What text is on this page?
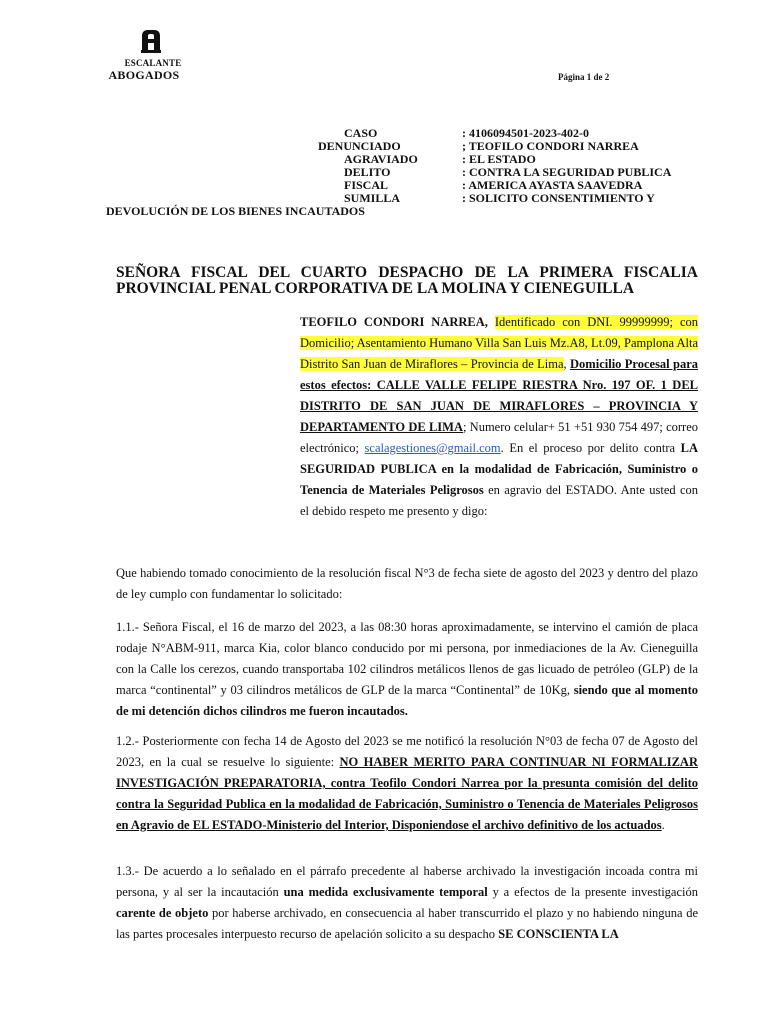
ESCALANTE
ABOGADOS	Página 1 de 2
CASO	: 4106094501-2023-402-0
DENUNCIADO	; TEOFILO CONDORI NARREA
AGRAVIADO	: EL ESTADO
DELITO	: CONTRA LA SEGURIDAD PUBLICA
FISCAL	: AMERICA AYASTA SAAVEDRA
SUMILLA	: SOLICITO CONSENTIMIENTO Y
DEVOLUCIÓN DE LOS BIENES INCAUTADOS
SEÑORA FISCAL DEL CUARTO DESPACHO DE LA PRIMERA FISCALIA
PROVINCIAL PENAL CORPORATIVA DE LA MOLINA Y CIENEGUILLA
TEOFILO CONDORI NARREA, Identificado con DNI. 99999999; con Domicilio; Asentamiento Humano Villa San Luis Mz.A8, Lt.09, Pamplona Alta Distrito San Juan de Miraflores – Provincia de Lima, Domicilio Procesal para estos efectos: CALLE VALLE FELIPE RIESTRA Nro. 197 OF. 1 DEL DISTRITO DE SAN JUAN DE MIRAFLORES – PROVINCIA Y DEPARTAMENTO DE LIMA; Numero celular+ 51 +51 930 754 497; correo electrónico; scalagestiones@gmail.com. En el proceso por delito contra LA SEGURIDAD PUBLICA en la modalidad de Fabricación, Suministro o Tenencia de Materiales Peligrosos en agravio del ESTADO. Ante usted con el debido respeto me presento y digo:
Que habiendo tomado conocimiento de la resolución fiscal N°3 de fecha siete de agosto del 2023 y dentro del plazo de ley cumplo con fundamentar lo solicitado:
1.1.- Señora Fiscal, el 16 de marzo del 2023, a las 08:30 horas aproximadamente, se intervino el camión de placa rodaje N°ABM-911, marca Kia, color blanco conducido por mi persona, por inmediaciones de la Av. Cieneguilla con la Calle los cerezos, cuando transportaba 102 cilindros metálicos llenos de gas licuado de petróleo (GLP) de la marca “continental” y 03 cilindros metálicos de GLP de la marca “Continental” de 10Kg, siendo que al momento de mi detención dichos cilindros me fueron incautados.
1.2.- Posteriormente con fecha 14 de Agosto del 2023 se me notificó la resolución N°03 de fecha 07 de Agosto del 2023, en la cual se resuelve lo siguiente: NO HABER MERITO PARA CONTINUAR NI FORMALIZAR INVESTIGACIÓN PREPARATORIA, contra Teofilo Condori Narrea por la presunta comisión del delito contra la Seguridad Publica en la modalidad de Fabricación, Suministro o Tenencia de Materiales Peligrosos en Agravio de EL ESTADO-Ministerio del Interior, Disponiendose el archivo definitivo de los actuados.
1.3.- De acuerdo a lo señalado en el párrafo precedente al haberse archivado la investigación incoada contra mi persona, y al ser la incautación una medida exclusivamente temporal y a efectos de la presente investigación carente de objeto por haberse archivado, en consecuencia al haber transcurrido el plazo y no habiendo ninguna de las partes procesales interpuesto recurso de apelación solicito a su despacho SE CONSCIENTA LA
